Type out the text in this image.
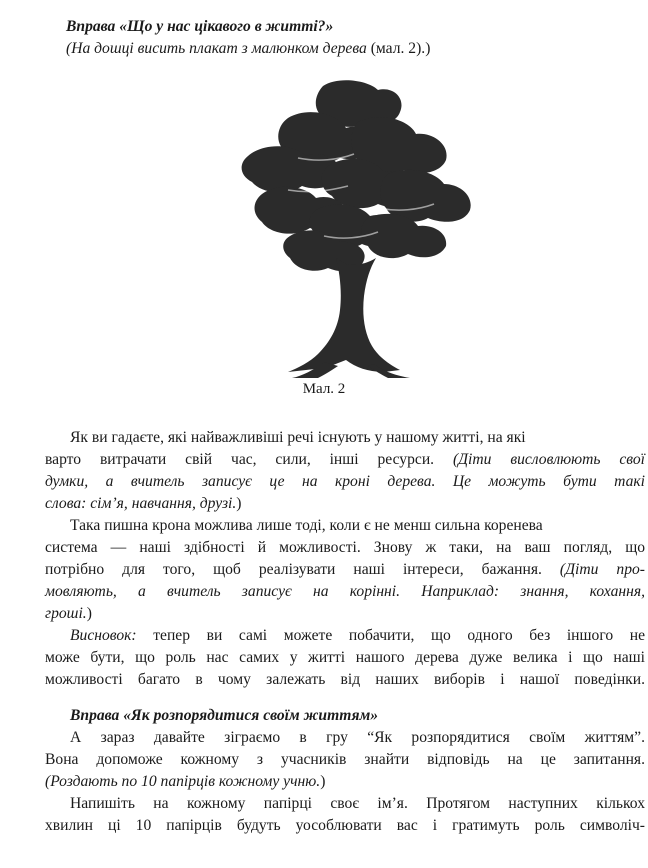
Вправа «Що у нас цікавого в житті?»
(На дошці висить плакат з малюнком дерева (мал. 2).)
Мал. 2
Як ви гадаєте, які найважливіші речі існують у нашому житті, на які
варто витрачати свій час, сили, інші ресурси. (Діти висловлюють свої
думки, а вчитель записує це на кроні дерева. Це можуть бути такі
слова: сім’я, навчання, друзі.)
Така пишна крона можлива лише тоді, коли є не менш сильна коренева
система — наші здібності й можливості. Знову ж таки, на ваш погляд, що
потрібно для того, щоб реалізувати наші інтереси, бажання. (Діти про-
мовляють, а вчитель записує на корінні. Наприклад: знання, кохання,
гроші.)
Висновок: тепер ви самі можете побачити, що одного без іншого не
може бути, що роль нас самих у житті нашого дерева дуже велика і що наші
можливості багато в чому залежать від наших виборів і нашої поведінки.
Вправа «Як розпорядитися своїм життям»
А зараз давайте зіграємо в гру “Як розпорядитися своїм життям”.
Вона допоможе кожному з учасників знайти відповідь на це запитання.
(Роздають по 10 папірців кожному учню.)
Напишіть на кожному папірці своє ім’я. Протягом наступних кількох
хвилин ці 10 папірців будуть уособлювати вас і гратимуть роль символіч-
